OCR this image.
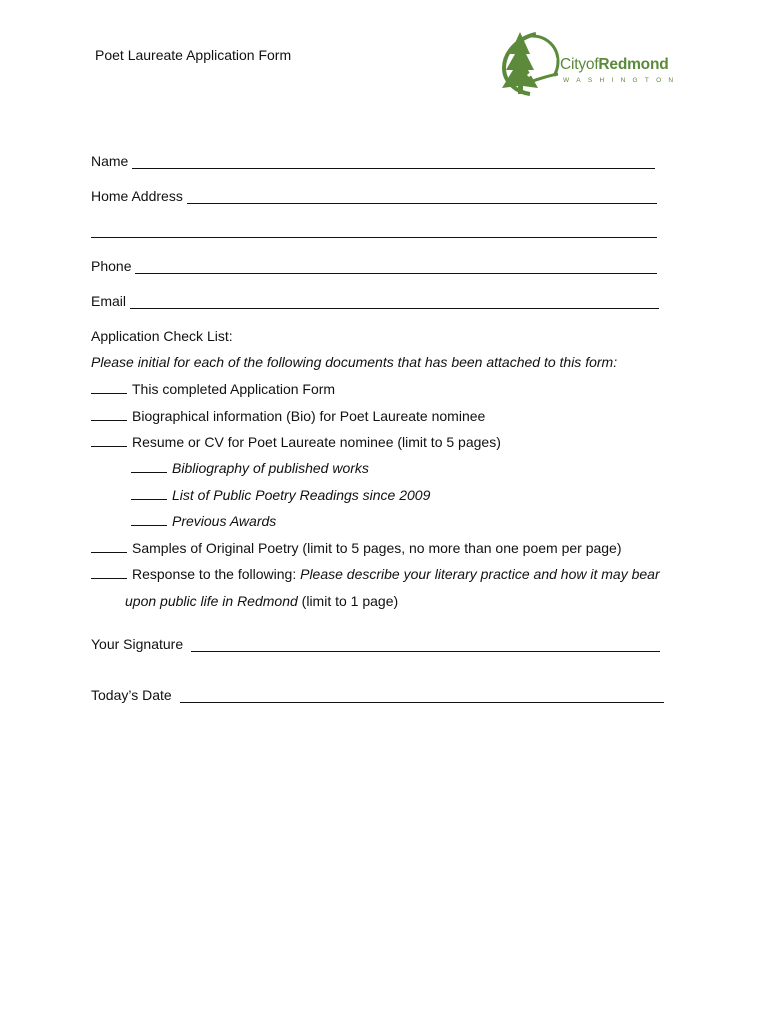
Poet Laureate Application Form
CityofRedmond
WASHINGTON
Name
Home Address
Phone
Email
Application Check List:
Please initial for each of the following documents that has been attached to this form:
This completed Application Form
Biographical information (Bio) for Poet Laureate nominee
Resume or CV for Poet Laureate nominee (limit to 5 pages)
Bibliography of published works
List of Public Poetry Readings since 2009
Previous Awards
Samples of Original Poetry (limit to 5 pages, no more than one poem per page)
Response to the following: Please describe your literary practice and how it may bear
upon public life in Redmond (limit to 1 page)
Your Signature
Today’s Date
